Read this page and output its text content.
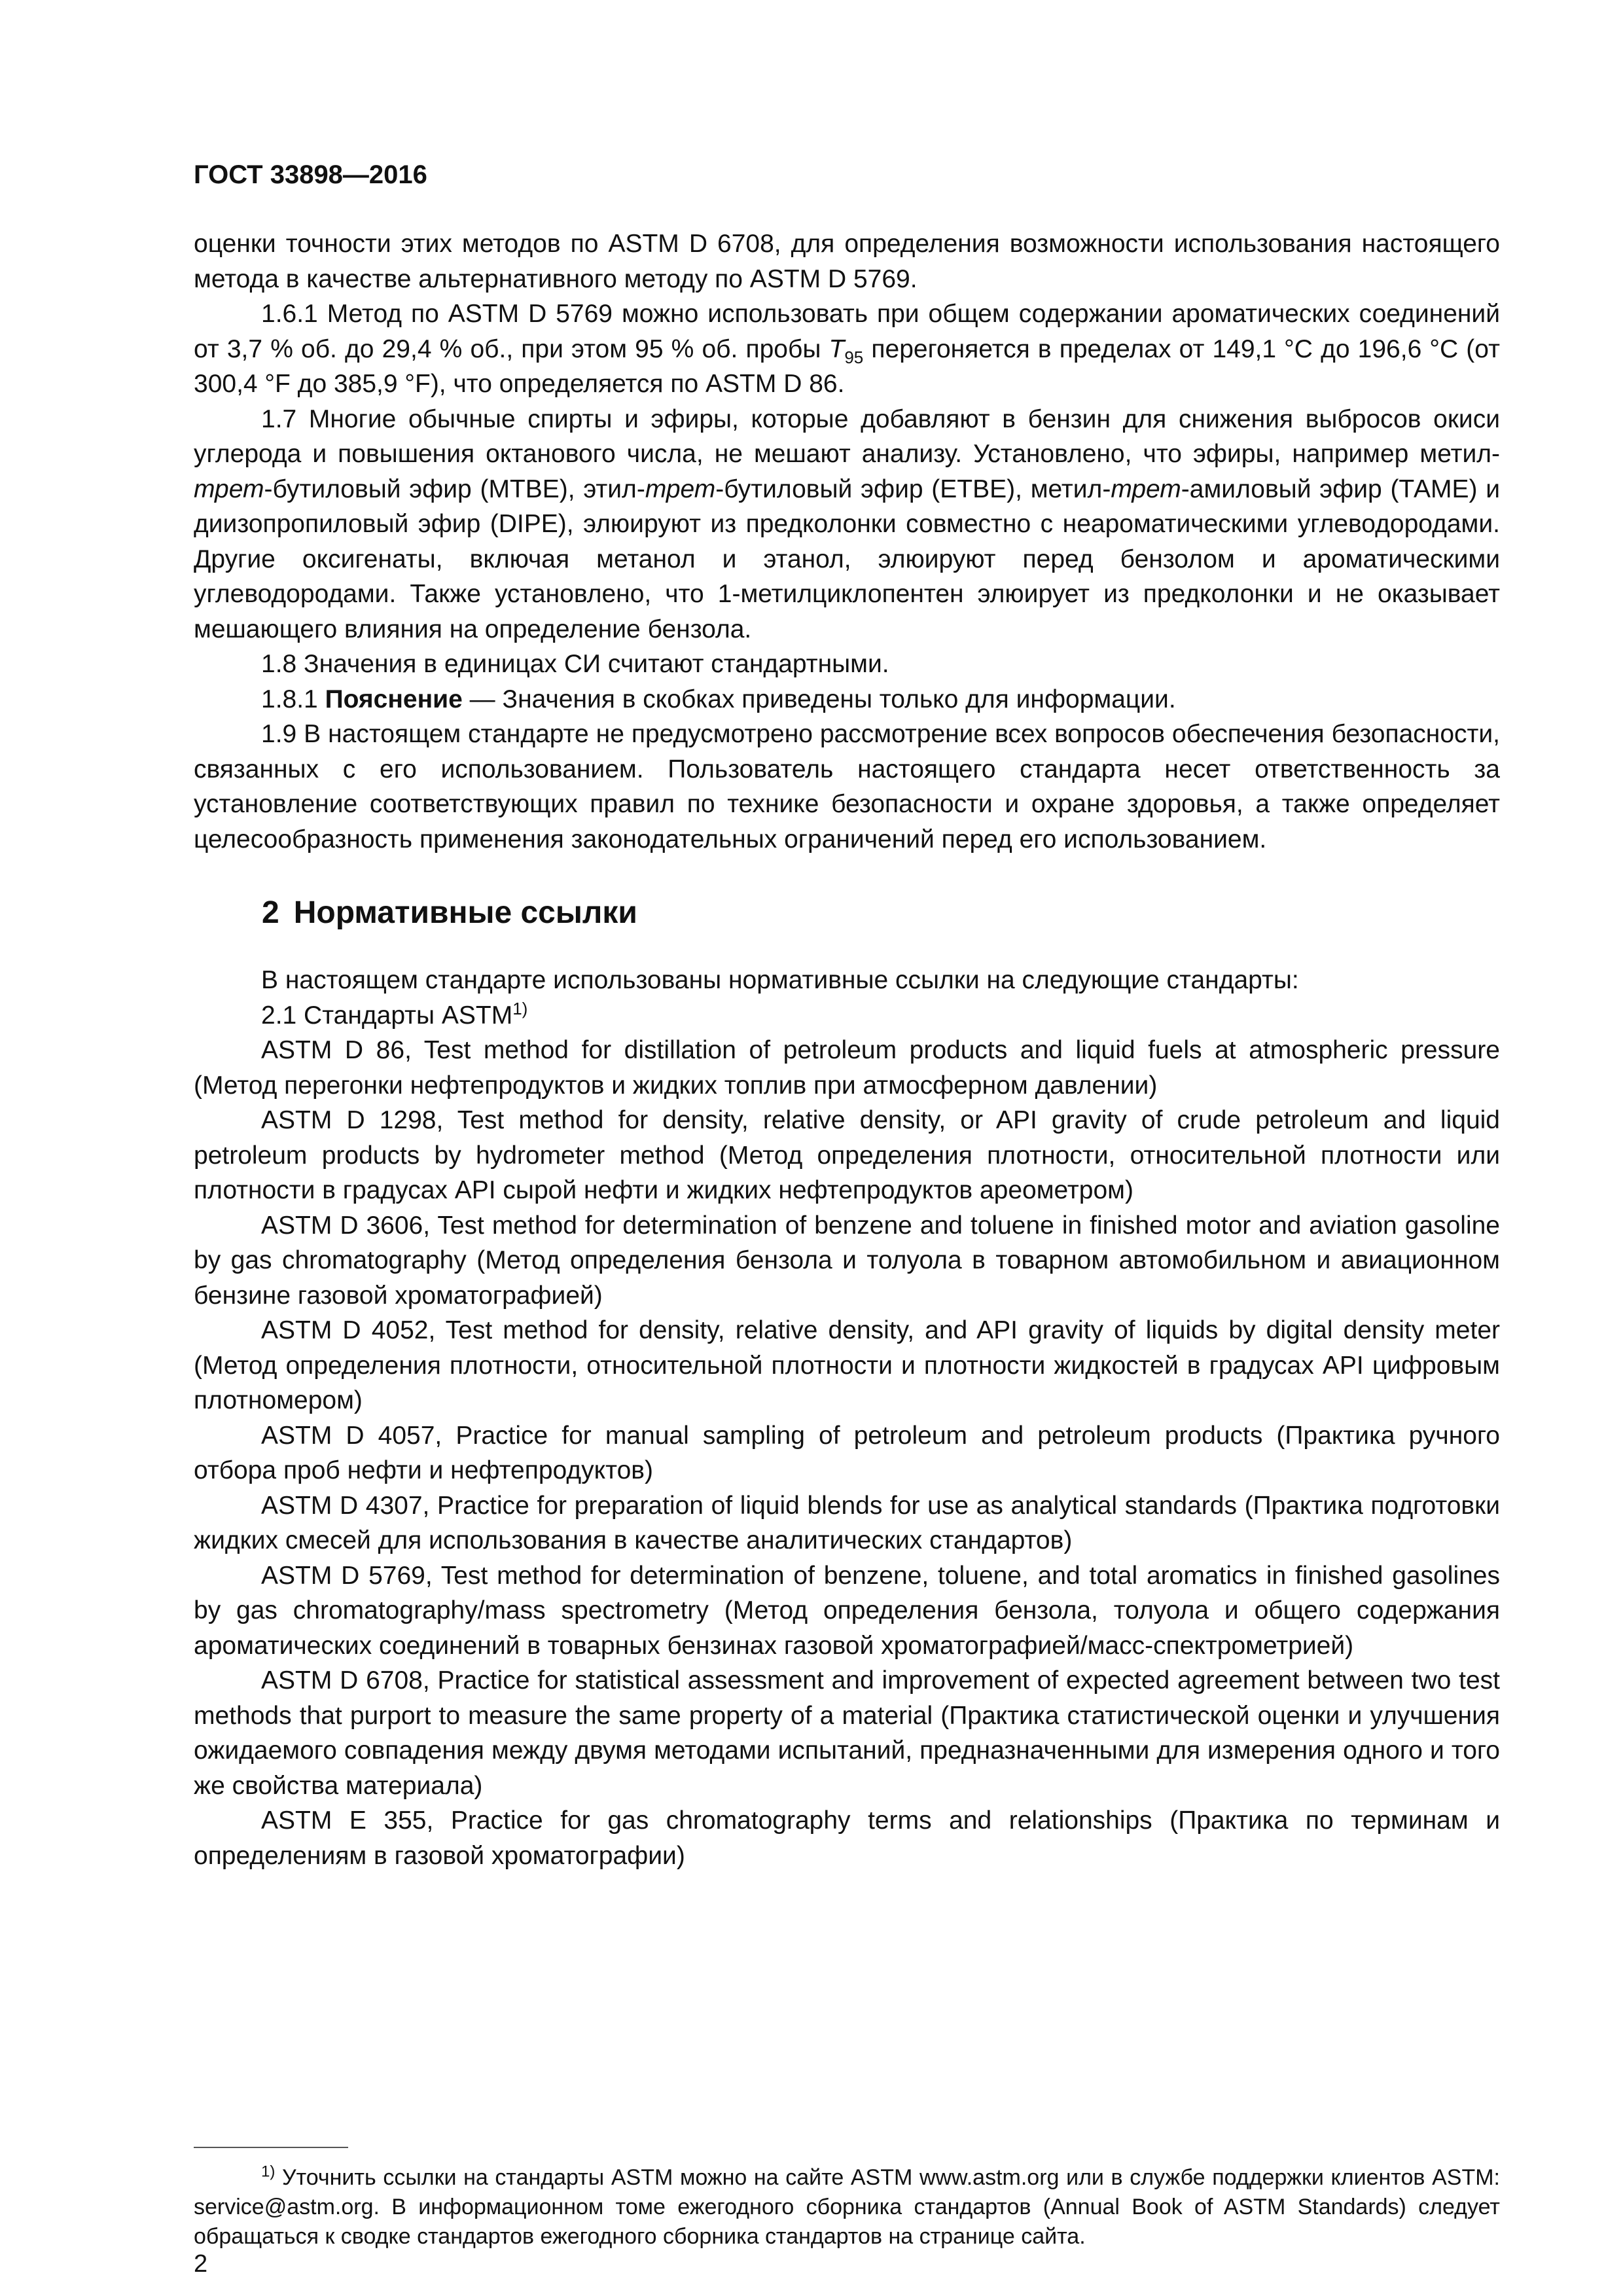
ГОСТ 33898—2016

оценки точности этих методов по ASTM D 6708, для определения возможности использования настоящего метода в качестве альтернативного методу по ASTM D 5769.

1.6.1 Метод по ASTM D 5769 можно использовать при общем содержании ароматических соединений от 3,7 % об. до 29,4 % об., при этом 95 % об. пробы $T_{95}$ перегоняется в пределах от 149,1 °С до 196,6 °С (от 300,4 °F до 385,9 °F), что определяется по ASTM D 86.

1.7 Многие обычные спирты и эфиры, которые добавляют в бензин для снижения выбросов окиси углерода и повышения октанового числа, не мешают анализу. Установлено, что эфиры, например метил-трет-бутиловый эфир (МТВЕ), этил-трет-бутиловый эфир (ЕТВЕ), метил-трет-амиловый эфир (ТАМЕ) и диизопропиловый эфир (DIPE), элюируют из предколонки совместно с неароматическими углеводородами. Другие оксигенаты, включая метанол и этанол, элюируют перед бензолом и ароматическими углеводородами. Также установлено, что 1-метилциклопентен элюирует из предколонки и не оказывает мешающего влияния на определение бензола.

1.8 Значения в единицах СИ считают стандартными.

1.8.1 Пояснение — Значения в скобках приведены только для информации.

1.9 В настоящем стандарте не предусмотрено рассмотрение всех вопросов обеспечения безопасности, связанных с его использованием. Пользователь настоящего стандарта несет ответственность за установление соответствующих правил по технике безопасности и охране здоровья, а также определяет целесообразность применения законодательных ограничений перед его использованием.

2 Нормативные ссылки

В настоящем стандарте использованы нормативные ссылки на следующие стандарты:

2.1 Стандарты ASTM$^{1)}$

ASTM D 86, Test method for distillation of petroleum products and liquid fuels at atmospheric pressure (Метод перегонки нефтепродуктов и жидких топлив при атмосферном давлении)

ASTM D 1298, Test method for density, relative density, or API gravity of crude petroleum and liquid petroleum products by hydrometer method (Метод определения плотности, относительной плотности или плотности в градусах API сырой нефти и жидких нефтепродуктов ареометром)

ASTM D 3606, Test method for determination of benzene and toluene in finished motor and aviation gasoline by gas chromatography (Метод определения бензола и толуола в товарном автомобильном и авиационном бензине газовой хроматографией)

ASTM D 4052, Test method for density, relative density, and API gravity of liquids by digital density meter (Метод определения плотности, относительной плотности и плотности жидкостей в градусах API цифровым плотномером)

ASTM D 4057, Practice for manual sampling of petroleum and petroleum products (Практика ручного отбора проб нефти и нефтепродуктов)

ASTM D 4307, Practice for preparation of liquid blends for use as analytical standards (Практика подготовки жидких смесей для использования в качестве аналитических стандартов)

ASTM D 5769, Test method for determination of benzene, toluene, and total aromatics in finished gasolines by gas chromatography/mass spectrometry (Метод определения бензола, толуола и общего содержания ароматических соединений в товарных бензинах газовой хроматографией/масс-спектрометрией)

ASTM D 6708, Practice for statistical assessment and improvement of expected agreement between two test methods that purport to measure the same property of a material (Практика статистической оценки и улучшения ожидаемого совпадения между двумя методами испытаний, предназначенными для измерения одного и того же свойства материала)

ASTM E 355, Practice for gas chromatography terms and relationships (Практика по терминам и определениям в газовой хроматографии)

$^{1)}$ Уточнить ссылки на стандарты ASTM можно на сайте ASTM www.astm.org или в службе поддержки клиентов ASTM: service@astm.org. В информационном томе ежегодного сборника стандартов (Annual Book of ASTM Standards) следует обращаться к сводке стандартов ежегодного сборника стандартов на странице сайта.

2
